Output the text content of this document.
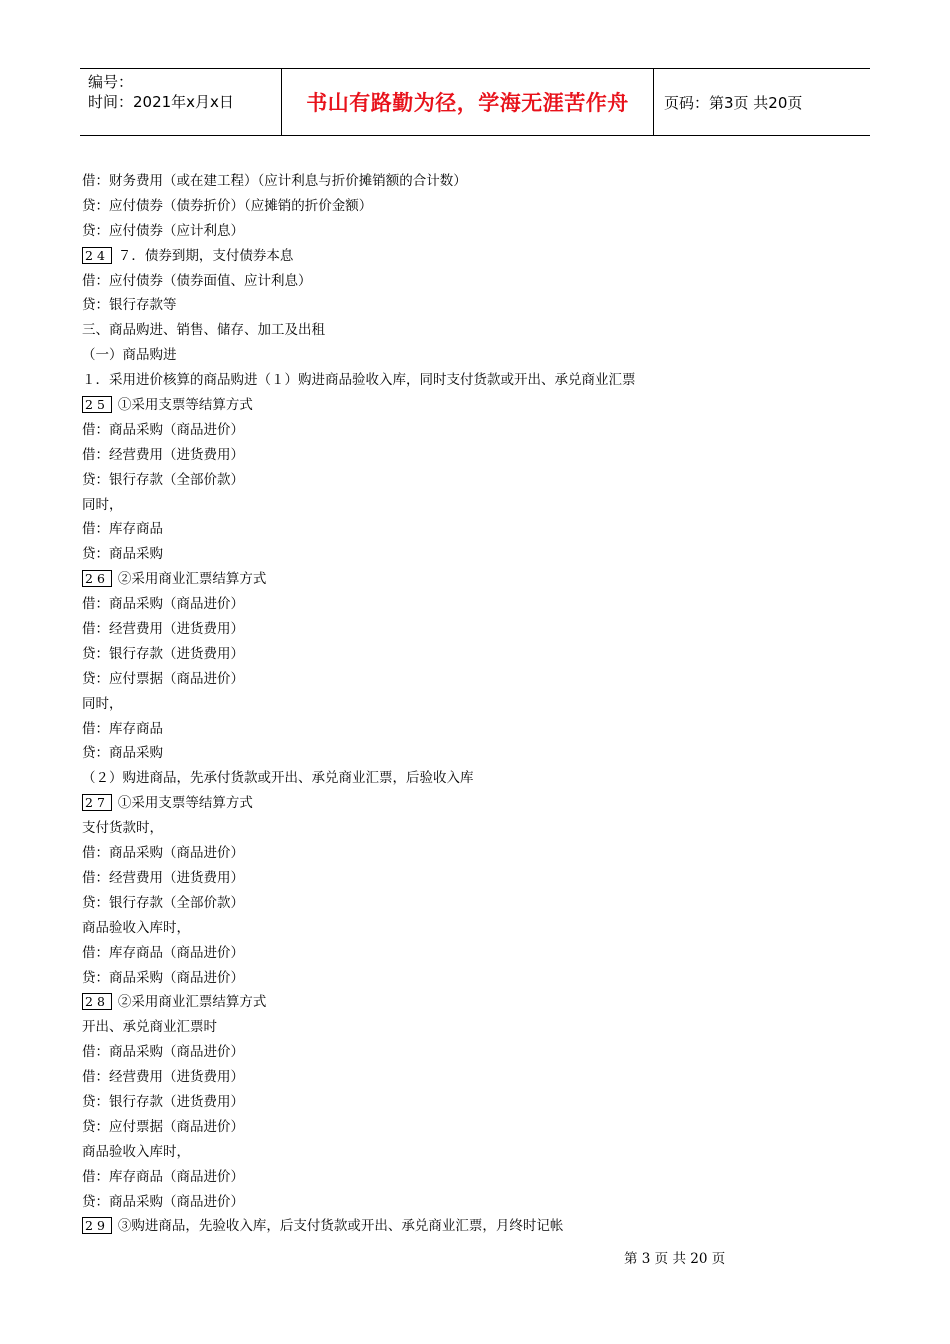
编号：
时间：2021年x月x日	书山有路勤为径，学海无涯苦作舟 页码：第3页 共20页
借：财务费用（或在建工程）（应计利息与折价摊销额的合计数）
贷：应付债券（债券折价）（应摊销的折价金额）
贷：应付债券（应计利息）
24 ７．债券到期，支付债券本息
借：应付债券（债券面值、应计利息）
贷：银行存款等
三、商品购进、销售、储存、加工及出租
（一）商品购进
１．采用进价核算的商品购进（１）购进商品验收入库，同时支付货款或开出、承兑商业汇票
25 ①采用支票等结算方式
借：商品采购（商品进价）
借：经营费用（进货费用）
贷：银行存款（全部价款）
同时，
借：库存商品
贷：商品采购
26 ②采用商业汇票结算方式
借：商品采购（商品进价）
借：经营费用（进货费用）
贷：银行存款（进货费用）
贷：应付票据（商品进价）
同时，
借：库存商品
贷：商品采购
（２）购进商品，先承付货款或开出、承兑商业汇票，后验收入库
27 ①采用支票等结算方式
支付货款时，
借：商品采购（商品进价）
借：经营费用（进货费用）
贷：银行存款（全部价款）
商品验收入库时，
借：库存商品（商品进价）
贷：商品采购（商品进价）
28 ②采用商业汇票结算方式
开出、承兑商业汇票时
借：商品采购（商品进价）
借：经营费用（进货费用）
贷：银行存款（进货费用）
贷：应付票据（商品进价）
商品验收入库时，
借：库存商品（商品进价）
贷：商品采购（商品进价）
29 ③购进商品，先验收入库，后支付货款或开出、承兑商业汇票，月终时记帐
第 3 页 共 20 页
